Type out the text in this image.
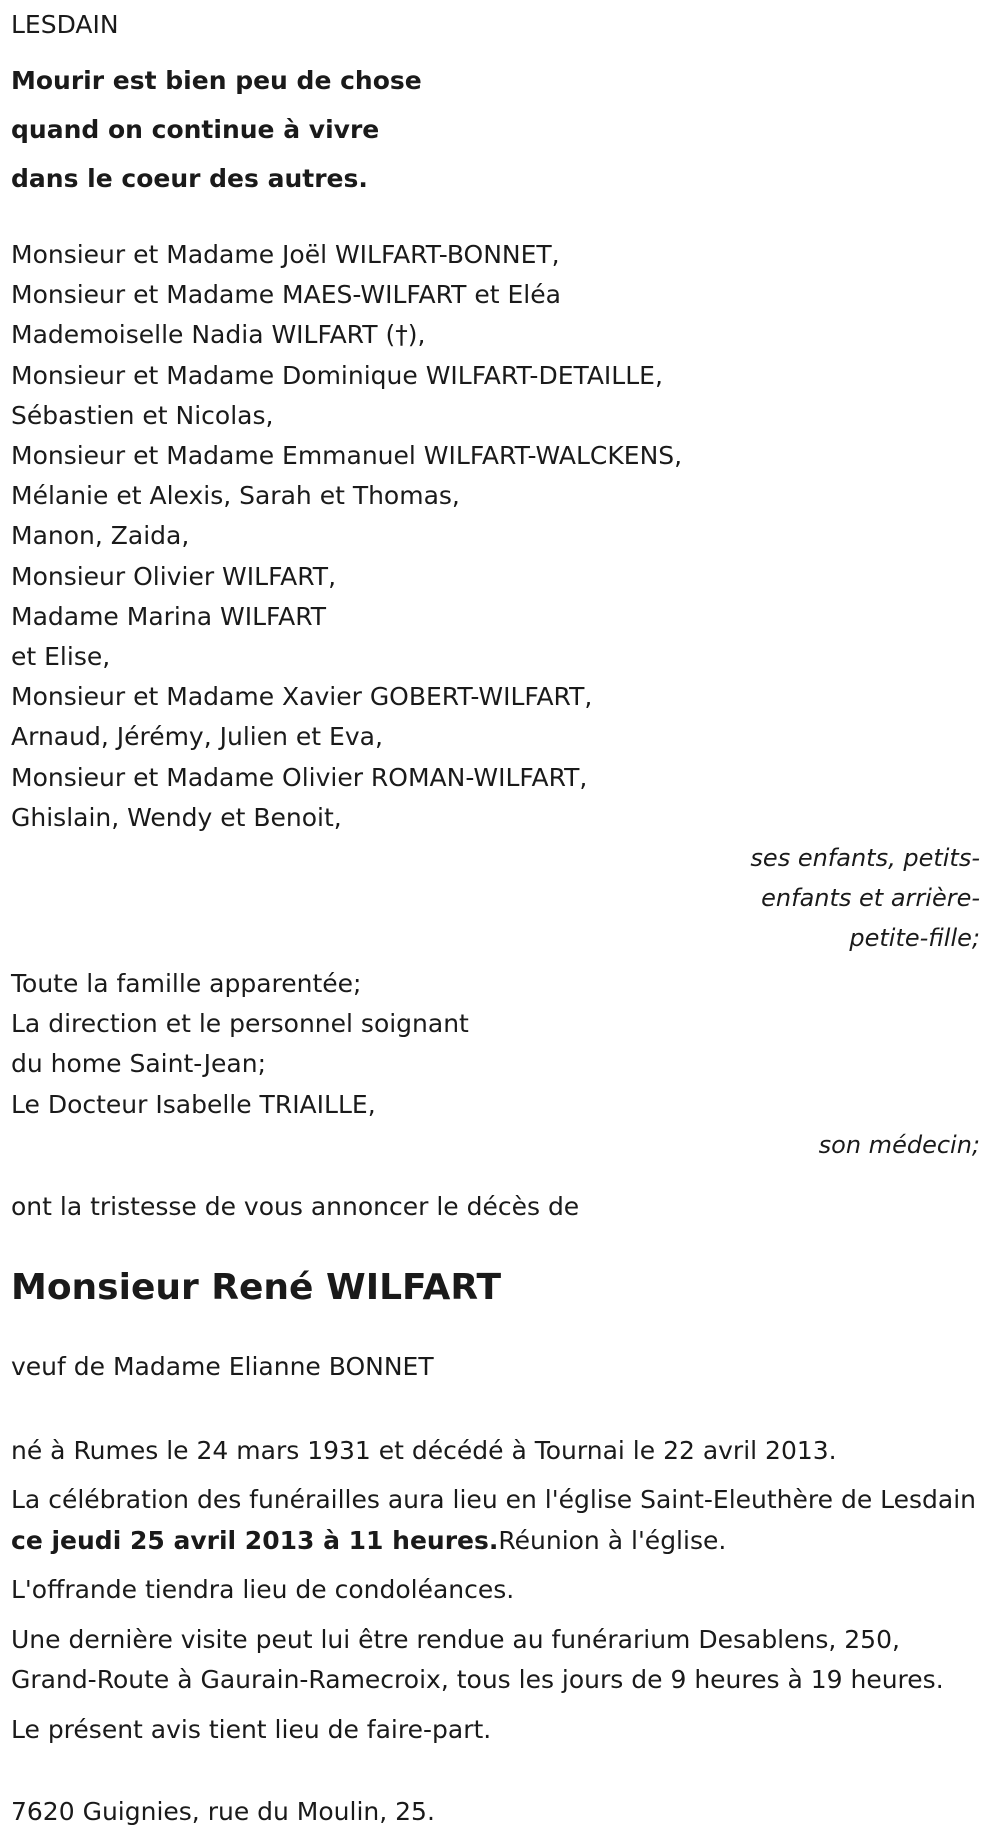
LESDAIN
Mourir est bien peu de chose
quand on continue à vivre
dans le coeur des autres.
Monsieur et Madame Joël WILFART-BONNET,
Monsieur et Madame MAES-WILFART et Eléa
Mademoiselle Nadia WILFART (†),
Monsieur et Madame Dominique WILFART-DETAILLE,
Sébastien et Nicolas,
Monsieur et Madame Emmanuel WILFART-WALCKENS,
Mélanie et Alexis, Sarah et Thomas,
Manon, Zaida,
Monsieur Olivier WILFART,
Madame Marina WILFART
et Elise,
Monsieur et Madame Xavier GOBERT-WILFART,
Arnaud, Jérémy, Julien et Eva,
Monsieur et Madame Olivier ROMAN-WILFART,
Ghislain, Wendy et Benoit,
ses enfants, petits-
enfants et arrière-
petite-fille;
Toute la famille apparentée;
La direction et le personnel soignant
du home Saint-Jean;
Le Docteur Isabelle TRIAILLE,
son médecin;
ont la tristesse de vous annoncer le décès de
Monsieur René WILFART
veuf de Madame Elianne BONNET

né à Rumes le 24 mars 1931 et décédé à Tournai le 22 avril 2013.

La célébration des funérailles aura lieu en l'église Saint-Eleuthère de Lesdain ce jeudi 25 avril 2013 à 11 heures.Réunion à l'église.

L'offrande tiendra lieu de condoléances.

Une dernière visite peut lui être rendue au funérarium Desablens, 250, Grand-Route à Gaurain-Ramecroix, tous les jours de 9 heures à 19 heures.

Le présent avis tient lieu de faire-part.

7620 Guignies, rue du Moulin, 25.
